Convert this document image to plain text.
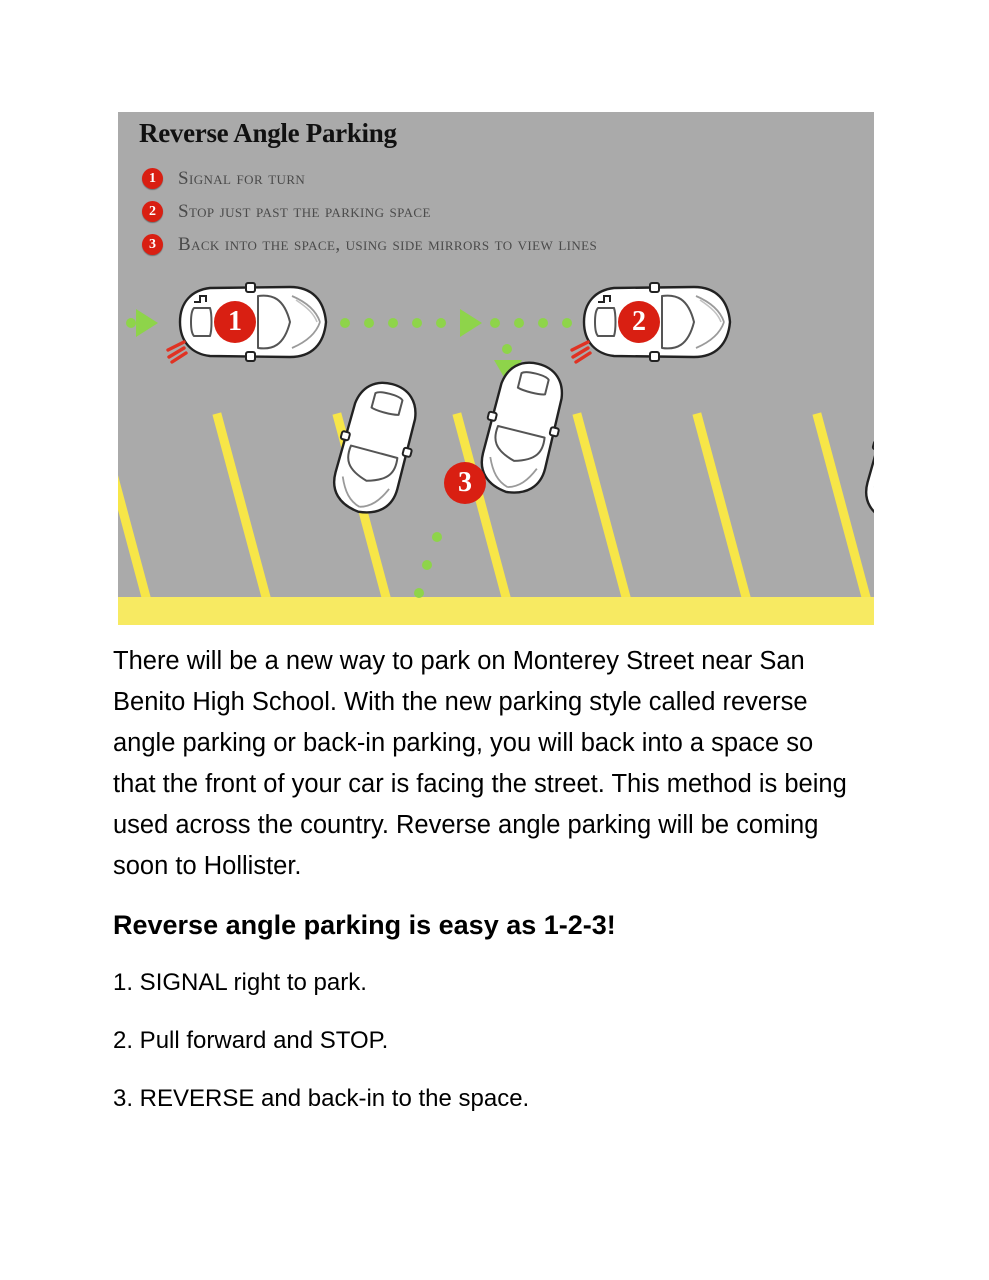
Reverse Angle Parking
1	Signal for turn
2	Stop just past the parking space
3	Back into the space, using side mirrors to view lines
1	2
3
There will be a new way to park on Monterey Street near San Benito High School. With the new parking style called reverse angle parking or back-in parking, you will back into a space so that the front of your car is facing the street. This method is being used across the country. Reverse angle parking will be coming soon to Hollister.
Reverse angle parking is easy as 1-2-3!
1. SIGNAL right to park.
2. Pull forward and STOP.
3. REVERSE and back-in to the space.
